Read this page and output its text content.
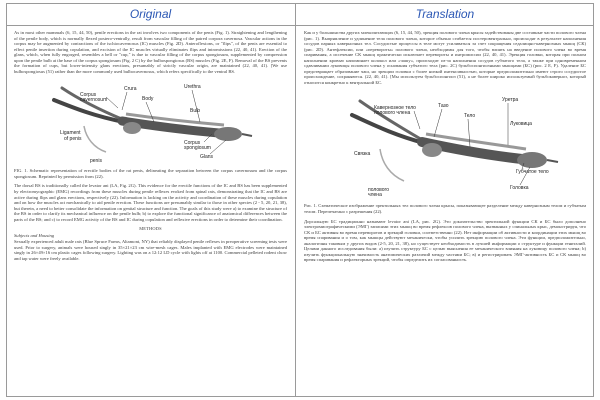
Original

As in most other mammals (6, 15, 44, 50), penile erections in the rat involves two components of the penis (Fig. 1). Straightening and lengthening of the penile body, which is normally flexed postero-ventrally, result from vascular filling of the paired corpora cavernosa. Vascular actions in the corpus may be augmented by contractions of the ischiocavernosus (IC) muscles (Fig. 2D). Anteroflexions, or "flips", of the penis are essential to effect penile insertion during copulation, and excision of the IC muscles virtually eliminates flips and intromissions (22, 40, 41). Erection of the glans, which, when fully engorged, resembles a bell or "cup," is due to vascular filling of the corpus spongiosum, supplemented by compression upon the penile bulb at the base of the corpus spongiosum (Fig. 2 C) by the bulbospongiosus (BS) muscles (Fig. 2E, F). Removal of the BS prevents the formation of cups, but lower-intensity glans erections, presumably of strictly vascular origin, are maintained (22, 40, 41). [We use bulbospongiosus (51) rather than the more commonly used bulbocavernosus, which refers specifically to the ventral BS.

Corpus cavernosum
Crura
Body
Urethra
Bulb
Corpus spongiosum
Glans
Ligament
penis
of penis

FIG. 1. Schematic representation of erectile bodies of the rat penis, delineating the separation between the corpus cavernosum and the corpus spongiosum. Reprinted by permission from (22).

The dorsal BS is traditionally called the levator ani (LA, Fig. 2G). This evidence for the erectile functions of the IC and BS has been supplemented by electromyographic (EMG) recordings from these muscles during penile reflexes evoked from spinal rats, demonstrating that the IC and BS are active during flips and glans erections, respectively (22). Information is lacking on the activity and coordination of these muscles during copulation and on how the muscles act mechanically to aid penile erection. These functions are presumably similar to those in other species (2 - 5, 20, 21, 38), but therein, a need to better consolidate the information on genital structure and function. The goals of this study were a) to examine the structure of the BS in order to clarify its mechanical influence on the penile bulb; b) to explore the functional significance of anatomical differences between the parts of the BS; and c) to record EMG activity of the BS and IC during copulation and reflexive erections in order to determine their coordination.

METHODS
Subjects and Housing

Sexually experienced adult male rats (Blue Spruce Farms, Altamont, NY) that reliably displayed penile reflexes in preoperative screening tests were used. Prior to surgery, animals were housed singly in 35×21×23 cm wire-mesh cages. Males implanted with EMG electrodes were maintained singly in 26×49×16 cm plastic cages following surgery. Lighting was on a 12:12 LD cycle with lights off at 1100. Commercial pelleted rodent chow and tap water were freely available.

Translation

Как и у большинства других млекопитающих (6, 15, 44, 50), эрекция полового члена крысы задействованы две составные части полового члена (рис. 1). Выпрямление и удлинение тела полового члена, которое обычно сгибается постеровентрально, происходят в результате наполнения сосудов парных кавернозных тел. Сосудистые процессы в теле могут усиливаться за счет сокращения седалищно-кавернозных мышц (СК) (рис. 2D). Антефлексии, или «перевороты» полового члена, необходимы для того, чтобы влиять на введение полового члена во время спаривания, а иссечение СК мышц практически исключает перевороты и интромиссии (22, 40, 41). Эрекция головки, которая при полном наполнении кровью напоминает колокол или «чашу», происходит из-за наполнения сосудов губчатого тела, а также при одновременном сдавливании луковицы полового члена у основания губчатого тела (рис. 2С) бульбоспонгиозными мышцами (БС) (рис. 2 Е, F). Удаление БС предотвращает образование чаш, но эрекции головки с более низкой интенсивностью, которые предположительно имеют строго сосудистое происхождение, сохраняются. (22, 40, 41). [Мы используем бульбоспонгиоз (51), а не более широко используемый бульбокаверноз, который относится конкретно к вентральной БС.

Кавернозное тело полового члена
Тазо
Тело
Уретра
Луковица
Губчатое тело
Головка
Связка
полового члена

Рис. 1. Схематическое изображение эректильных тел полового члена крысы, показывающее разделение между кавернозным телом и губчатым телом. Перепечатано с разрешения (22).

Дорсальную БС традиционно называют levator ani (LA, рис. 2G). Это доказательство эректильной функции СК и БС было дополнено электромиографическими (ЭМГ) записями этих мышц во время рефлексов полового члена, вызванных у спинальных крыс, демонстрируя, что СК и БС активны во время переворотов и эрекций головки, соответственно (22). Нет информации об активности и координации этих мышц во время спаривания и о том, как мышцы действуют механически, чтобы усилить эрекцию полового члена. Эти функции, предположительно, аналогичны таковым у других видов (2-5, 20, 21, 38), но существует необходимость в лучшей информации о структуре и функции гениталий. Целями данного исследования были: а) изучить структуру БС с целью выяснения ее механического влияния на луковицу полового члена; b) изучить функциональную значимость анатомических различий между частями БС; в) и регистрировать ЭМГ-активность БС и СК мышц во время спаривания и рефлекторных эрекций, чтобы определить их согласованность.
